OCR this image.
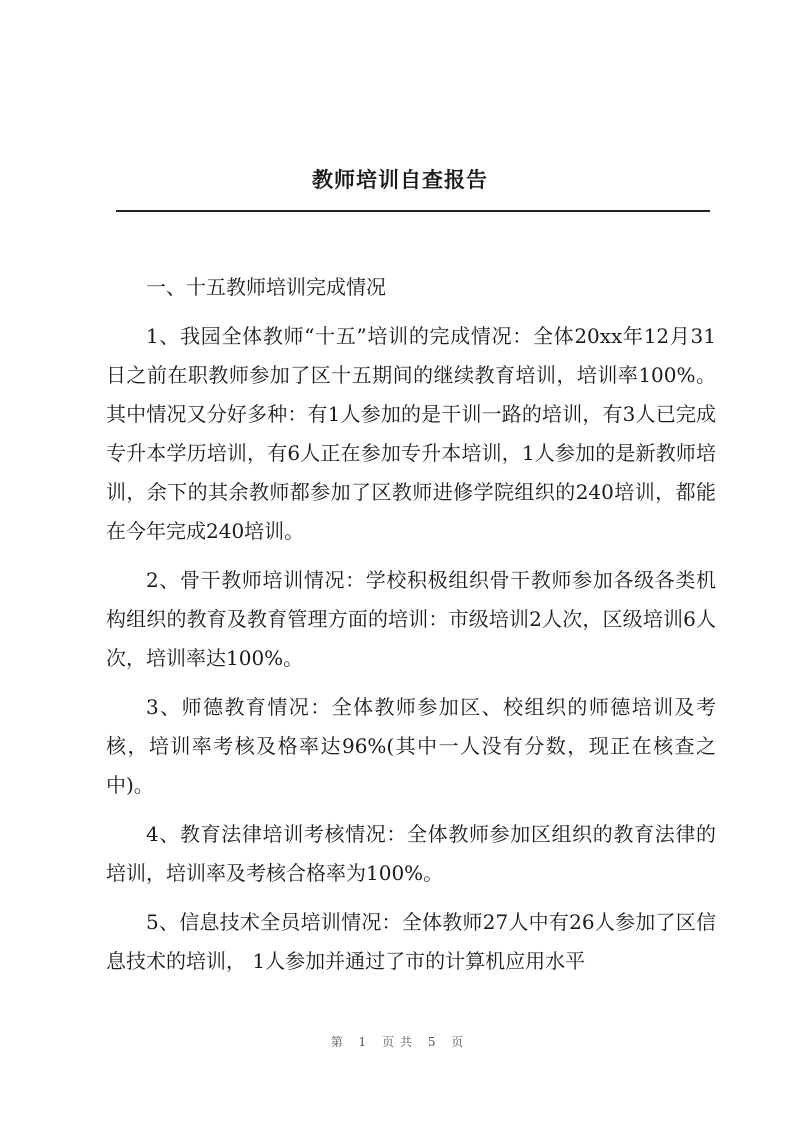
教师培训自查报告

一、十五教师培训完成情况

1、我园全体教师“十五”培训的完成情况：全体20xx年12月31日之前在职教师参加了区十五期间的继续教育培训，培训率100%。其中情况又分好多种：有1人参加的是干训一路的培训，有3人已完成专升本学历培训，有6人正在参加专升本培训，1人参加的是新教师培训，余下的其余教师都参加了区教师进修学院组织的240培训，都能在今年完成240培训。

2、骨干教师培训情况：学校积极组织骨干教师参加各级各类机构组织的教育及教育管理方面的培训：市级培训2人次，区级培训6人次，培训率达100%。

3、师德教育情况：全体教师参加区、校组织的师德培训及考核，培训率考核及格率达96%(其中一人没有分数，现正在核查之中)。

4、教育法律培训考核情况：全体教师参加区组织的教育法律的培训，培训率及考核合格率为100%。

5、信息技术全员培训情况：全体教师27人中有26人参加了区信息技术的培训， 1人参加并通过了市的计算机应用水平

第 1 页共 5 页
